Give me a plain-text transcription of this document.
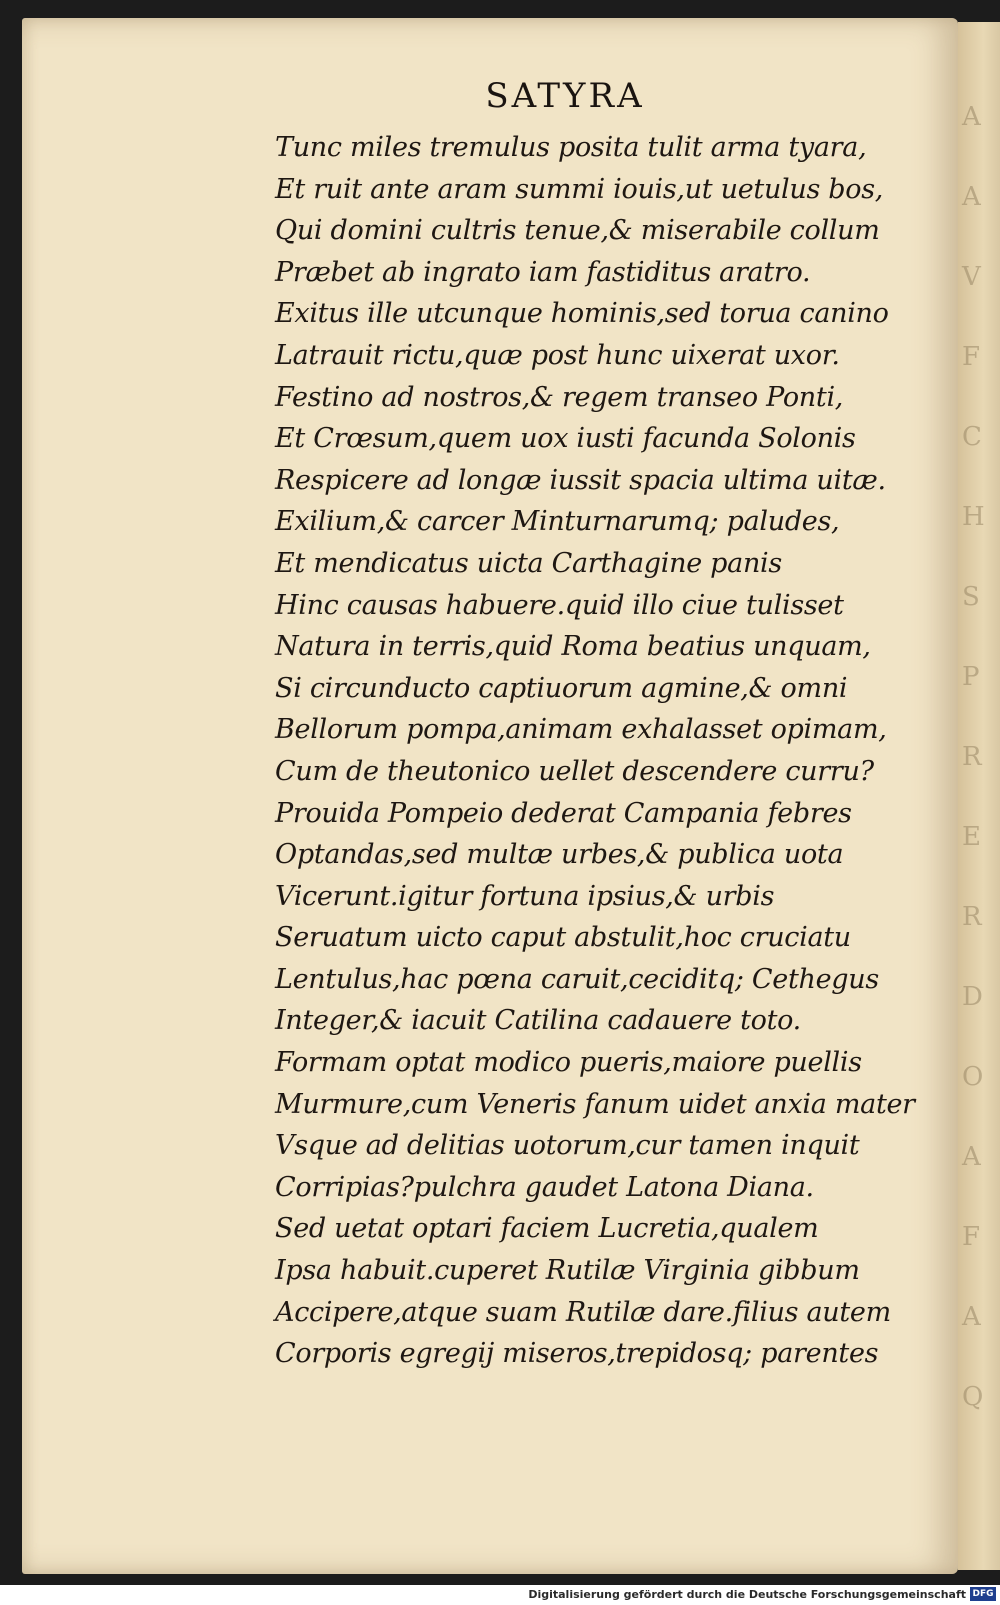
A
A
V
F
C
H
S
P
R
E
R
D
O
A
F
A
Q
SATYRA
Tunc miles tremulus posita tulit arma tyara,
Et ruit ante aram summi iouis,ut uetulus bos,
Qui domini cultris tenue,& miserabile collum
Præbet ab ingrato iam fastiditus aratro.
Exitus ille utcunque hominis,sed torua canino
Latrauit rictu,quæ post hunc uixerat uxor.
Festino ad nostros,& regem transeo Ponti,
Et Crœsum,quem uox iusti facunda Solonis
Respicere ad longæ iussit spacia ultima uitæ.
Exilium,& carcer Minturnarumq; paludes,
Et mendicatus uicta Carthagine panis
Hinc causas habuere.quid illo ciue tulisset
Natura in terris,quid Roma beatius unquam,
Si circunducto captiuorum agmine,& omni
Bellorum pompa,animam exhalasset opimam,
Cum de theutonico uellet descendere curru?
Prouida Pompeio dederat Campania febres
Optandas,sed multæ urbes,& publica uota
Vicerunt.igitur fortuna ipsius,& urbis
Seruatum uicto caput abstulit,hoc cruciatu
Lentulus,hac pœna caruit,ceciditq; Cethegus
Integer,& iacuit Catilina cadauere toto.
Formam optat modico pueris,maiore puellis
Murmure,cum Veneris fanum uidet anxia mater
Vsque ad delitias uotorum,cur tamen inquit
Corripias?pulchra gaudet Latona Diana.
Sed uetat optari faciem Lucretia,qualem
Ipsa habuit.cuperet Rutilæ Virginia gibbum
Accipere,atque suam Rutilæ dare.filius autem
Corporis egregij miseros,trepidosq; parentes
Digitalisierung gefördert durch die Deutsche Forschungsgemeinschaft DFG
